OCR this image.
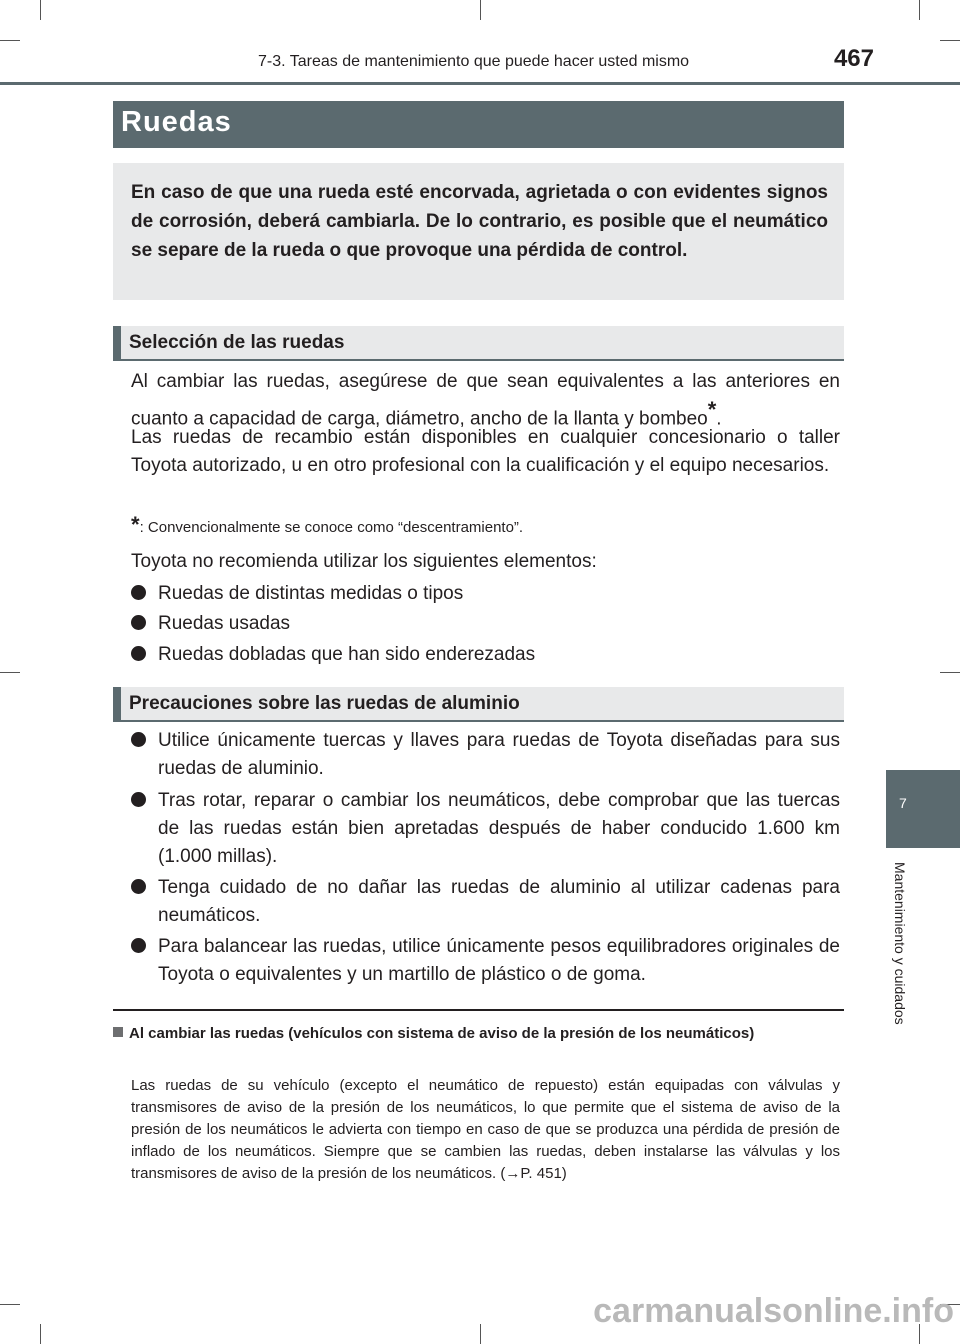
7-3. Tareas de mantenimiento que puede hacer usted mismo	467
7
Mantenimiento y cuidados
Ruedas
En caso de que una rueda esté encorvada, agrietada o con evidentes signos de corrosión, deberá cambiarla. De lo contrario, es posible que el neumático se separe de la rueda o que provoque una pérdida de control.
Selección de las ruedas
Al cambiar las ruedas, asegúrese de que sean equivalentes a las anteriores en cuanto a capacidad de carga, diámetro, ancho de la llanta y bombeo*.
Las ruedas de recambio están disponibles en cualquier concesionario o taller Toyota autorizado, u en otro profesional con la cualificación y el equipo necesarios.
*: Convencionalmente se conoce como “descentramiento”.
Toyota no recomienda utilizar los siguientes elementos:
Ruedas de distintas medidas o tipos
Ruedas usadas
Ruedas dobladas que han sido enderezadas
Precauciones sobre las ruedas de aluminio
Utilice únicamente tuercas y llaves para ruedas de Toyota diseñadas para sus ruedas de aluminio.
Tras rotar, reparar o cambiar los neumáticos, debe comprobar que las tuercas de las ruedas están bien apretadas después de haber conducido 1.600 km (1.000 millas).
Tenga cuidado de no dañar las ruedas de aluminio al utilizar cadenas para neumáticos.
Para balancear las ruedas, utilice únicamente pesos equilibradores originales de Toyota o equivalentes y un martillo de plástico o de goma.
Al cambiar las ruedas (vehículos con sistema de aviso de la presión de los neumáticos)
Las ruedas de su vehículo (excepto el neumático de repuesto) están equipadas con válvulas y transmisores de aviso de la presión de los neumáticos, lo que permite que el sistema de aviso de la presión de los neumáticos le advierta con tiempo en caso de que se produzca una pérdida de presión de inflado de los neumáticos. Siempre que se cambien las ruedas, deben instalarse las válvulas y los transmisores de aviso de la presión de los neumáticos. (→P. 451)
carmanualsonline.info
